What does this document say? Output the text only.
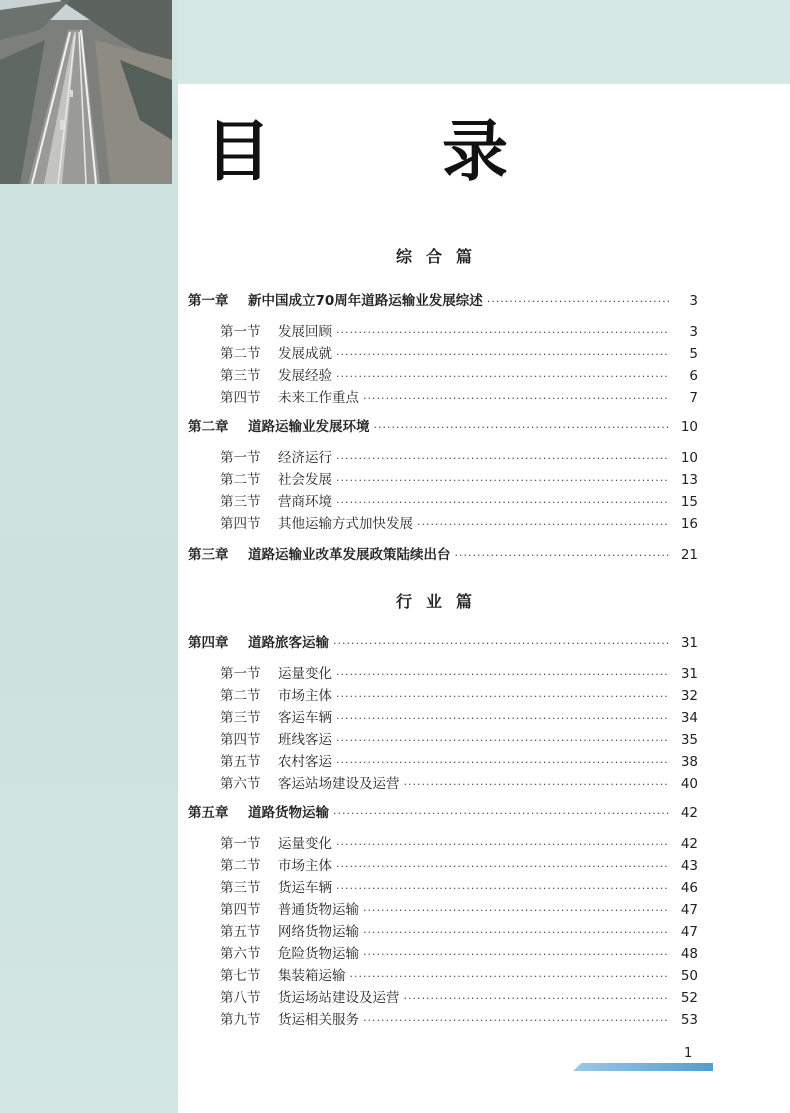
目 录
综合篇
第一章	新中国成立70周年道路运输业发展综述 ·····	3
第一节	发展回顾 ·····	3
第二节	发展成就 ·····	5
第三节	发展经验 ·····	6
第四节	未来工作重点 ·····	7
第二章	道路运输业发展环境 ·····	10
第一节	经济运行 ·····	10
第二节	社会发展 ·····	13
第三节	营商环境 ·····	15
第四节	其他运输方式加快发展 ·····	16
第三章	道路运输业改革发展政策陆续出台 ·····	21
行业篇
第四章	道路旅客运输 ·····	31
第一节	运量变化 ·····	31
第二节	市场主体 ·····	32
第三节	客运车辆 ·····	34
第四节	班线客运 ·····	35
第五节	农村客运 ·····	38
第六节	客运站场建设及运营 ·····	40
第五章	道路货物运输 ·····	42
第一节	运量变化 ·····	42
第二节	市场主体 ·····	43
第三节	货运车辆 ·····	46
第四节	普通货物运输 ·····	47
第五节	网络货物运输 ·····	47
第六节	危险货物运输 ·····	48
第七节	集装箱运输 ·····	50
第八节	货运场站建设及运营 ·····	52
第九节	货运相关服务 ·····	53
1
